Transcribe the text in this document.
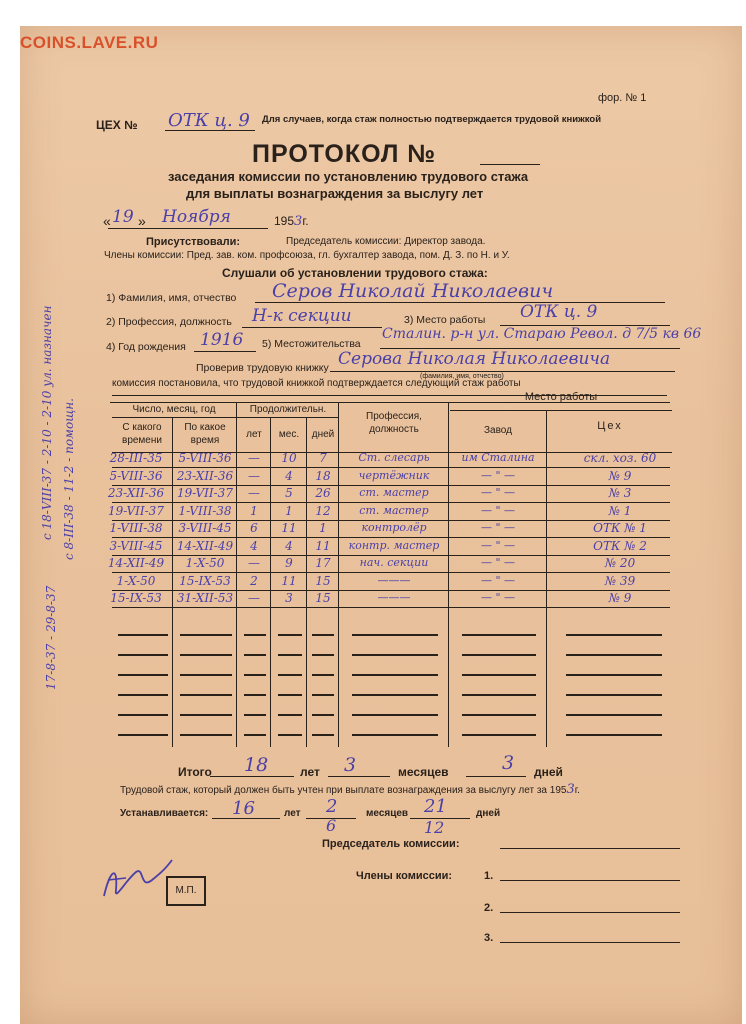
COINS.LAVE.RU
фор. № 1
ЦЕХ № ОТК ц. 9 Для случаев, когда стаж полностью подтверждается трудовой книжкой
ПРОТОКОЛ №
заседания комиссии по установлению трудового стажа
для выплаты вознаграждения за выслугу лет
« 19 » Ноября	1953г.
Присутствовали:	Председатель комиссии: Директор завода.
Члены комиссии: Пред. зав. ком. профсоюза, гл. бухгалтер завода, пом. Д. З. по Н. и У.
Слушали об установлении трудового стажа:
1) Фамилия, имя, отчество Серов Николай Николаевич
2) Профессия, должность Н-к секции	3) Место работы ОТК ц. 9
4) Год рождения 1916 5) Местожительства
Сталин. р-н ул. Стараю Револ. д 7/5 кв 66
Проверив трудовую книжку Серова Николая Николаевича
(фамилия, имя, отчество)
комиссия постановила, что трудовой книжкой подтверждается следующий стаж работы
Число, месяц, год
С какого времени
По какое время
Продолжительн.
лет	мес.	дней
Профессия, должность
Место работы
Завод	Цех
28-III-35	5-VIII-36	—	10	7	Ст. слесарь	им Сталина	скл. хоз. 60
5-VIII-36	23-XII-36	—	4	18	чертёжник	— " —	№ 9
23-XII-36	19-VII-37	—	5	26	ст. мастер	— " —	№ 3
19-VII-37	1-VIII-38	1	1	12	ст. мастер	— " —	№ 1
1-VIII-38	3-VIII-45	6	11	1	контролёр	— " —	ОТК № 1
3-VIII-45	14-XII-49	4	4	11	контр. мастер	— " —	ОТК № 2
14-XII-49	1-X-50	—	9	17	нач. секции	— " —	№ 20
1-X-50	15-IX-53	2	11	15	———	— " —	№ 39
15-IX-53	31-XII-53	—	3	15	———	— " —	№ 9
Итого 18	лет 3	месяцев	3 дней
Трудовой стаж, который должен быть учтен при выплате вознаграждения за выслугу лет за 1953г.
Устанавливается: 16	лет 2	месяцев 21	дней
6	12
Председатель комиссии:
Члены комиссии:	1.
2.
3.
М.П.
с 18-VIII-37 - 2-10 - 2-10 ул. назначен с 8-III-38 - 11-2 - помощн.
17-8-37 - 29-8-37
